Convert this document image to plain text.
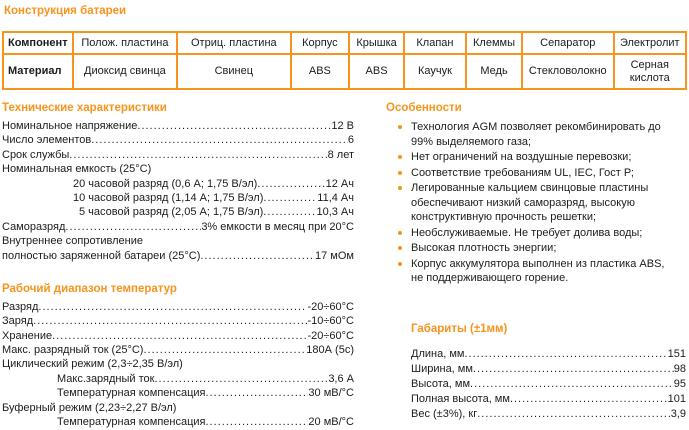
Конструкция батареи
Компонент	Полож. пластина	Отриц. пластина	Корпус	Крышка	Клапан	Клеммы	Сепаратор	Электролит
Материал	Диоксид свинца	Свинец	ABS	ABS	Каучук	Медь	Стекловолокно	Серная кислота
Технические характеристики
Номинальное напряжение .....	12 В
Число элементов .....	6
Срок службы .....	8 лет
Номинальная емкость (25°С)
20 часовой разряд (0,6 А; 1,75 В/эл) .....	12 Ач
10 часовой разряд (1,14 А; 1,75 В/эл) .....	11,4 Ач
5 часовой разряд (2,05 А; 1,75 В/эл) .....	10,3 Ач
Саморазряд .....	3% емкости в месяц при 20°С
Внутреннее сопротивление
полностью заряженной батареи (25°С) .....	17 мОм
Рабочий диапазон температур
Разряд .....	-20÷60°С
Заряд .....	-10÷60°С
Хранение .....	-20÷60°С
Макс. разрядный ток (25°С) .....	180А (5с)
Циклический режим (2,3÷2,35 В/эл)
Макс.зарядный ток .....	3,6 А
Температурная компенсация .....	30 мВ/°С
Буферный режим (2,23÷2,27 В/эл)
Температурная компенсация .....	20 мВ/°С
Особенности
Технология AGM позволяет рекомбинировать до 99% выделяемого газа;
Нет ограничений на воздушные перевозки;
Соответствие требованиям UL, IEC, Гост Р;
Легированные кальцием свинцовые пластины обеспечивают низкий саморазряд, высокую конструктивную прочность решетки;
Необслуживаемые. Не требует долива воды;
Высокая плотность энергии;
Корпус аккумулятора выполнен из пластика ABS, не поддерживающего горение.
Габариты (±1мм)
Длина, мм .....	151
Ширина, мм .....	98
Высота, мм .....	95
Полная высота, мм .....	101
Вес (±3%), кг .....	3,9
